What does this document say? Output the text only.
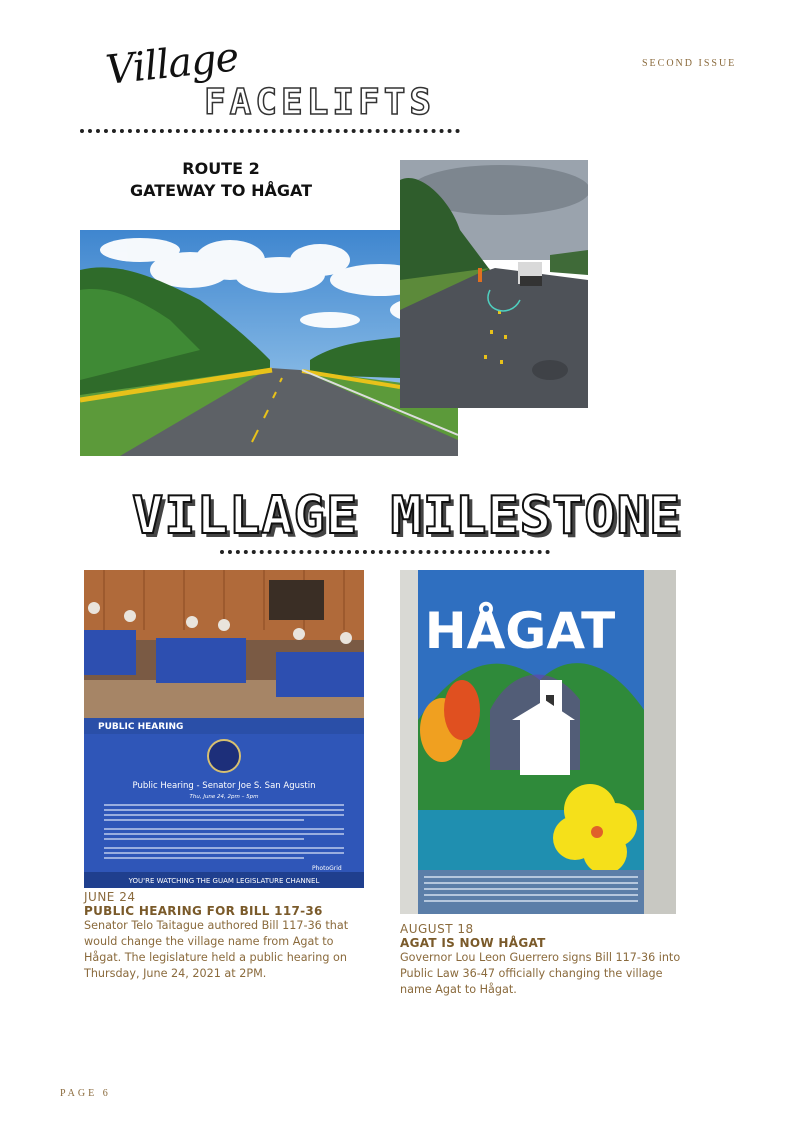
SECOND ISSUE
Village
FACELIFTS
ROUTE 2
GATEWAY TO HÅGAT
VILLAGE MILESTONE
PUBLIC HEARING
Public Hearing - Senator Joe S. San Agustin
Thu, June 24, 2pm – 5pm
PhotoGrid
YOU'RE WATCHING THE GUAM LEGISLATURE CHANNEL
HÅGAT
JUNE 24
PUBLIC HEARING FOR BILL 117-36
Senator Telo Taitague authored Bill 117-36 that would change the village name from Agat to Hågat. The legislature held a public hearing on Thursday, June 24, 2021 at 2PM.
AUGUST 18
AGAT IS NOW HÅGAT
Governor Lou Leon Guerrero signs Bill 117-36 into Public Law 36-47 officially changing the village name Agat to Hågat.
PAGE 6
